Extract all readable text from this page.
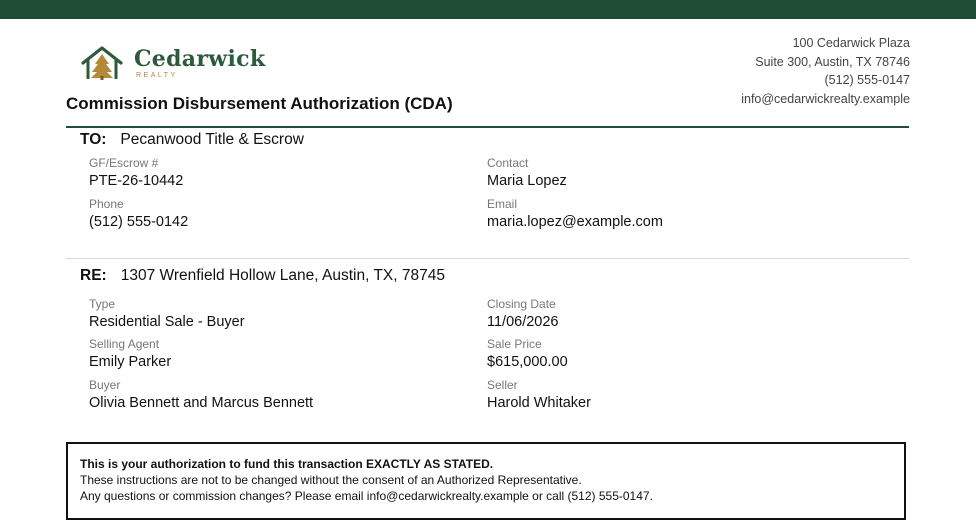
Cedarwick
REALTY
Commission Disbursement Authorization (CDA)
100 Cedarwick Plaza
Suite 300, Austin, TX 78746
(512) 555-0147
info@cedarwickrealty.example
TO: Pecanwood Title & Escrow
GF/Escrow #
PTE-26-10442
Contact
Maria Lopez
Phone
(512) 555-0142
Email
maria.lopez@example.com
RE: 1307 Wrenfield Hollow Lane, Austin, TX, 78745
Type
Residential Sale - Buyer
Closing Date
11/06/2026
Selling Agent
Emily Parker
Sale Price
$615,000.00
Buyer
Olivia Bennett and Marcus Bennett
Seller
Harold Whitaker
This is your authorization to fund this transaction EXACTLY AS STATED.
These instructions are not to be changed without the consent of an Authorized Representative.
Any questions or commission changes? Please email info@cedarwickrealty.example or call (512) 555-0147.
